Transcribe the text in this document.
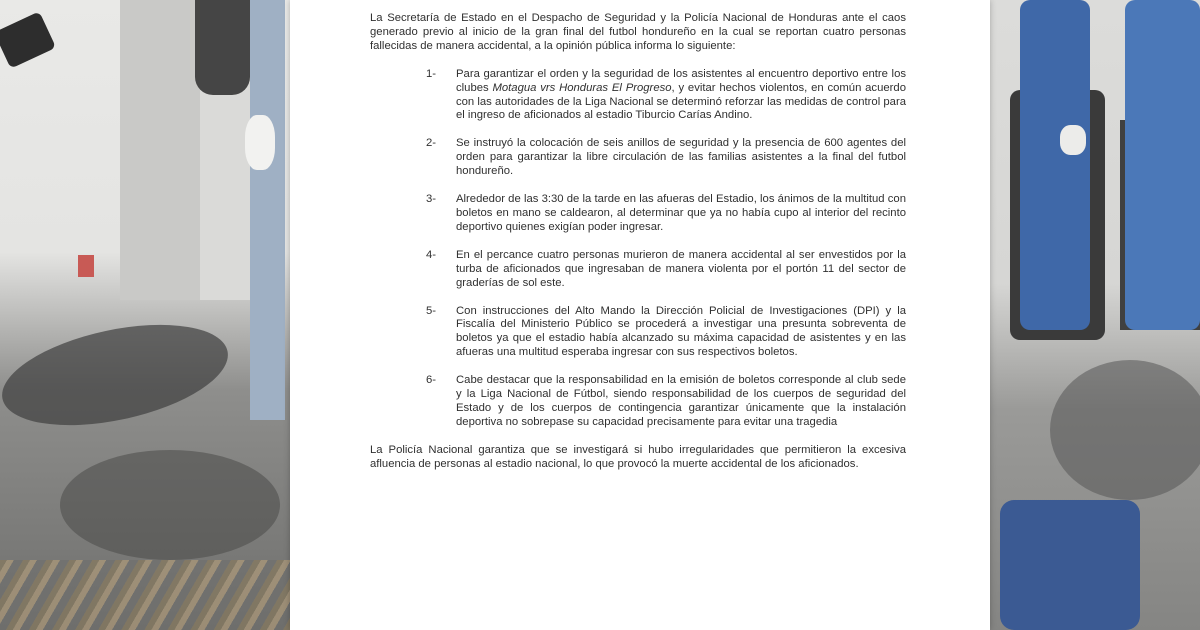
La Secretaría de Estado en el Despacho de Seguridad y la Policía Nacional de Honduras ante el caos generado previo al inicio de la gran final del futbol hondureño en la cual se reportan cuatro personas fallecidas de manera accidental, a la opinión pública informa lo siguiente:

1-	Para garantizar el orden y la seguridad de los asistentes al encuentro deportivo entre los clubes Motagua vrs Honduras El Progreso, y evitar hechos violentos, en común acuerdo con las autoridades de la Liga Nacional se determinó reforzar las medidas de control para el ingreso de aficionados al estadio Tiburcio Carías Andino.
2-	Se instruyó la colocación de seis anillos de seguridad y la presencia de 600 agentes del orden para garantizar la libre circulación de las familias asistentes a la final del futbol hondureño.
3-	Alrededor de las 3:30 de la tarde en las afueras del Estadio, los ánimos de la multitud con boletos en mano se caldearon, al determinar que ya no había cupo al interior del recinto deportivo quienes exigían poder ingresar.
4-	En el percance cuatro personas murieron de manera accidental al ser envestidos por la turba de aficionados que ingresaban de manera violenta por el portón 11 del sector de graderías de sol este.
5-	Con instrucciones del Alto Mando la Dirección Policial de Investigaciones (DPI) y la Fiscalía del Ministerio Público se procederá a investigar una presunta sobreventa de boletos ya que el estadio había alcanzado su máxima capacidad de asistentes y en las afueras una multitud esperaba ingresar con sus respectivos boletos.
6-	Cabe destacar que la responsabilidad en la emisión de boletos corresponde al club sede y la Liga Nacional de Fútbol, siendo responsabilidad de los cuerpos de seguridad del Estado y de los cuerpos de contingencia garantizar únicamente que la instalación deportiva no sobrepase su capacidad precisamente para evitar una tragedia

La Policía Nacional garantiza que se investigará si hubo irregularidades que permitieron la excesiva afluencia de personas al estadio nacional, lo que provocó la muerte accidental de los aficionados.
